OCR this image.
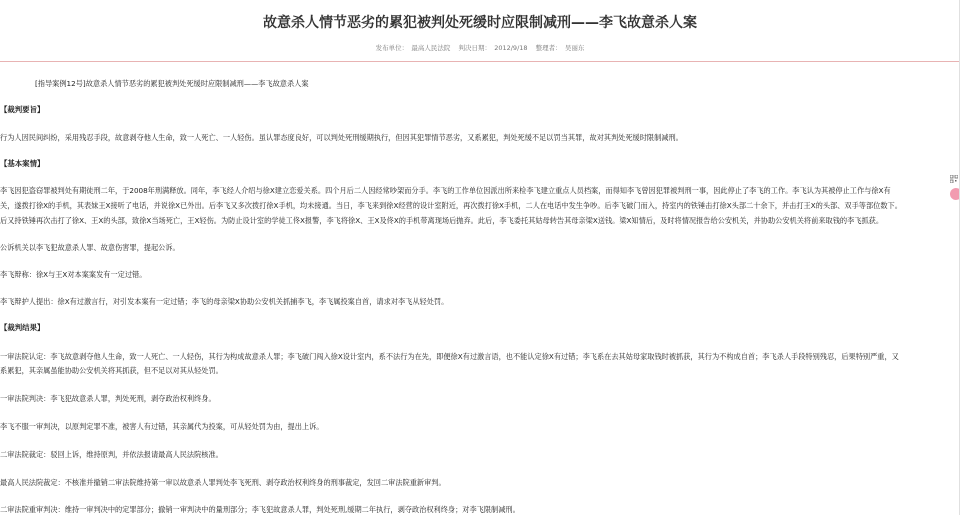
故意杀人情节恶劣的累犯被判处死缓时应限制减刑——李飞故意杀人案
发布单位：　最高人民法院 判决日期：　2012/9/18 整理者：　吴丽东
[指导案例12号]故意杀人情节恶劣的累犯被判处死缓时应限制减刑——李飞故意杀人案
【裁判要旨】
行为人因民间纠纷，采用残忍手段，故意剥夺他人生命，致一人死亡、一人轻伤。虽认罪态度良好，可以判处死刑缓期执行，但因其犯罪情节恶劣，又系累犯，判处死缓不足以罚当其罪，故对其判处死缓时限制减刑。
【基本案情】
李飞因犯盗窃罪被判处有期徒刑二年，于2008年刑满释放。同年，李飞经人介绍与徐X建立恋爱关系。四个月后二人因经常吵架而分手。李飞的工作单位因派出所来检李飞建立重点人员档案，而得知李飞曾因犯罪被判刑一事，因此停止了李飞的工作。李飞认为其被停止工作与徐X有
关，遂拨打徐X的手机，其表妹王X接听了电话，并说徐X已外出。后李飞又多次拨打徐X手机，均未接通。当日，李飞来到徐X经营的设计室附近，再次拨打徐X手机，二人在电话中发生争吵。后李飞破门而入，持室内的铁锤击打徐X头部二十余下，并击打王X的头部、双手等部位数下。
后又持铁锤再次击打了徐X、王X的头部，致徐X当场死亡，王X轻伤。为防止设计室的学徒工佟X报警，李飞将徐X、王X及佟X的手机带离现场后抛弃。此后，李飞委托其姑母转告其母亲梁X送钱。梁X知情后，及时将情况报告给公安机关，并协助公安机关将前来取钱的李飞抓获。
公诉机关以李飞犯故意杀人罪、故意伤害罪，提起公诉。
李飞辩称：徐X与王X对本案案发有一定过错。
李飞辩护人提出：徐X有过激言行，对引发本案有一定过错；李飞的母亲梁X协助公安机关抓捕李飞，李飞属投案自首，请求对李飞从轻处罚。
【裁判结果】
一审法院认定：李飞故意剥夺他人生命，致一人死亡、一人轻伤，其行为构成故意杀人罪；李飞破门闯入徐X设计室内，系不法行为在先，即便徐X有过激言语，也不能认定徐X有过错；李飞系在去其姑母家取钱时被抓获，其行为不构成自首；李飞杀人手段特别残忍，后果特别严重，又
系累犯，其亲属虽能协助公安机关将其抓获，但不足以对其从轻处罚。
一审法院判决：李飞犯故意杀人罪，判处死刑，剥夺政治权利终身。
李飞不服一审判决，以原判定罪不准，被害人有过错，其亲属代为投案，可从轻处罚为由，提出上诉。
二审法院裁定：驳回上诉，维持原判，并依法报请最高人民法院核准。
最高人民法院裁定：不核准并撤销二审法院维持第一审以故意杀人罪判处李飞死刑、剥夺政治权利终身的刑事裁定，发回二审法院重新审判。
二审法院重审判决：维持一审判决中的定罪部分；撤销一审判决中的量刑部分；李飞犯故意杀人罪，判处死刑,缓期二年执行，剥夺政治权利终身；对李飞限制减刑。
